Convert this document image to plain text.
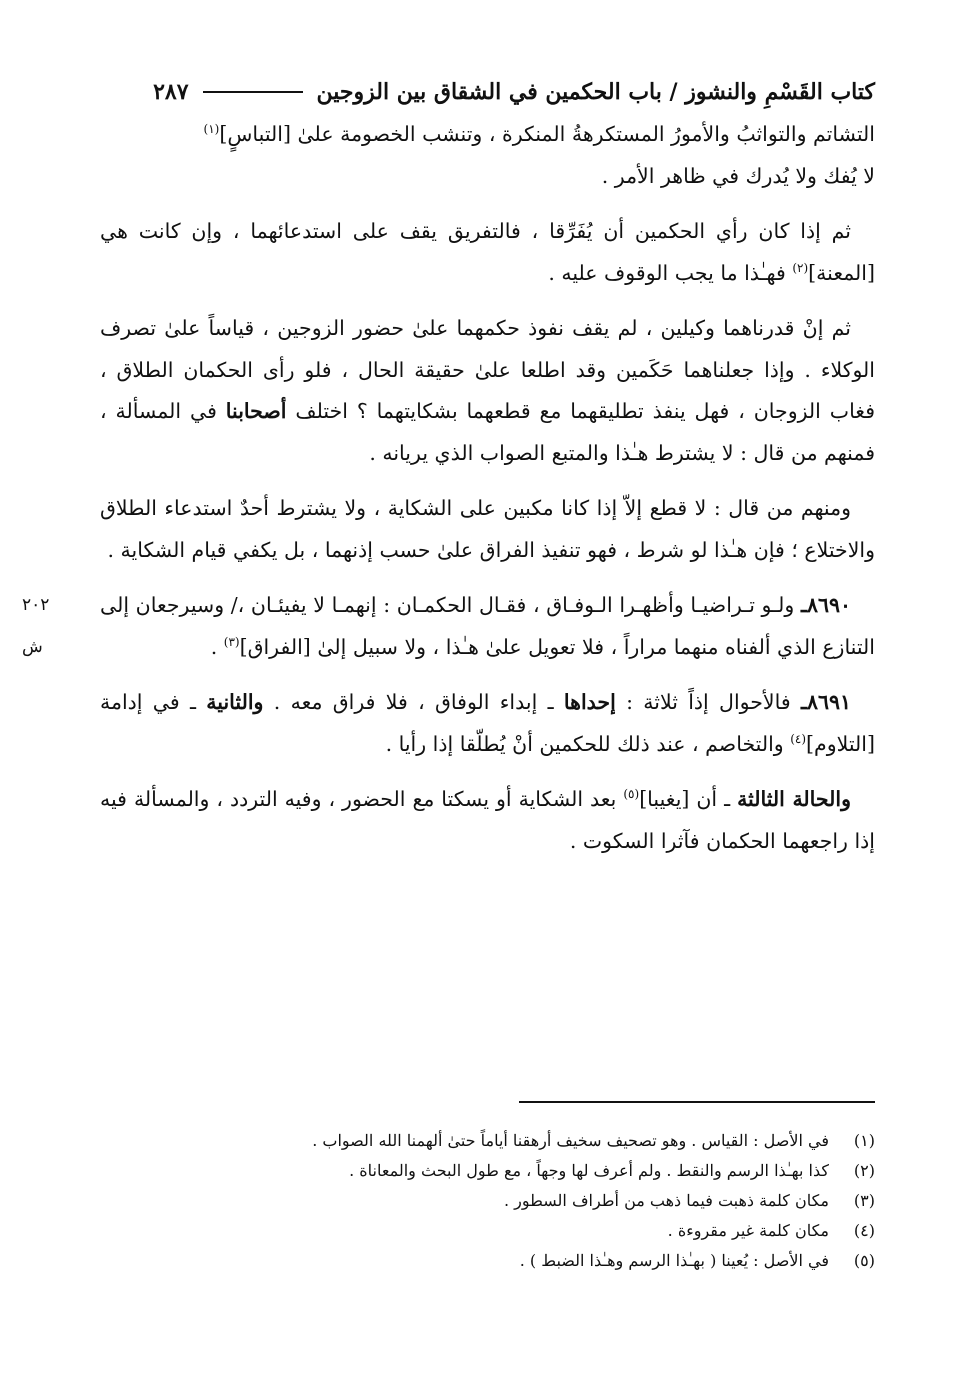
كتاب القَسْمِ والنشوز / باب الحكمين في الشقاق بين الزوجين
٢٨٧

التشاتم والتواثبُ والأمورُ المستكرهةُ المنكرة ، وتنشب الخصومة علىٰ [التباسٍ]$^{(١)}$
لا يُفك ولا يُدرك في ظاهر الأمر .

ثم إذا كان رأي الحكمين أن يُفَرِّقا ، فالتفريق يقف على استدعائهما ، وإن كانت هي [المعنة]$^{(٢)}$ فهـٰذا ما يجب الوقوف عليه .

ثم إنْ قدرناهما وكيلين ، لم يقف نفوذ حكمهما علىٰ حضور الزوجين ، قياساً علىٰ تصرف الوكلاء . وإذا جعلناهما حَكَمين وقد اطلعا علىٰ حقيقة الحال ، فلو رأى الحكمان الطلاق ، فغاب الزوجان ، فهل ينفذ تطليقهما مع قطعهما بشكايتهما ؟ اختلف أصحابنا في المسألة ، فمنهم من قال : لا يشترط هـٰذا والمتبع الصواب الذي يريانه .

ومنهم من قال : لا قطع إلاّ إذا كانا مكبين على الشكاية ، ولا يشترط أحدٌ استدعاء الطلاق والاختلاع ؛ فإن هـٰذا لو شرط ، فهو تنفيذ الفراق علىٰ حسب إذنهما ، بل يكفي قيام الشكاية .

٢٠٢ ش
٨٦٩٠ـ ولـو تـراضيـا وأظهـرا الـوفـاق ، فقـال الحكمـان : إنهمـا لا يفيئـان ،/ وسيرجعان إلى التنازع الذي ألفناه منهما مراراً ، فلا تعويل علىٰ هـٰذا ، ولا سبيل إلىٰ [الفراق]$^{(٣)}$ .

٨٦٩١ـ فالأحوال إذاً ثلاثة : إحداها ـ إبداء الوفاق ، فلا فراق معه . والثانية ـ في إدامة [التلاوم]$^{(٤)}$ والتخاصم ، عند ذلك للحكمين أنْ يُطلّقا إذا رأيا .

والحالة الثالثة ـ أن [يغيبا]$^{(٥)}$ بعد الشكاية أو يسكتا مع الحضور ، وفيه التردد ، والمسألة فيه إذا راجعهما الحكمان فآثرا السكوت .

(١)
في الأصل : القياس . وهو تصحيف سخيف أرهقنا أياماً حتىٰ ألهمنا الله الصواب .
(٢)
كذا بهـٰذا الرسم والنقط . ولم أعرف لها وجهاً ، مع طول البحث والمعاناة .
(٣)
مكان كلمة ذهبت فيما ذهب من أطراف السطور .
(٤)
مكان كلمة غير مقروءة .
(٥)
في الأصل : يُعينا ( بهـٰذا الرسم وهـٰذا الضبط ) .
